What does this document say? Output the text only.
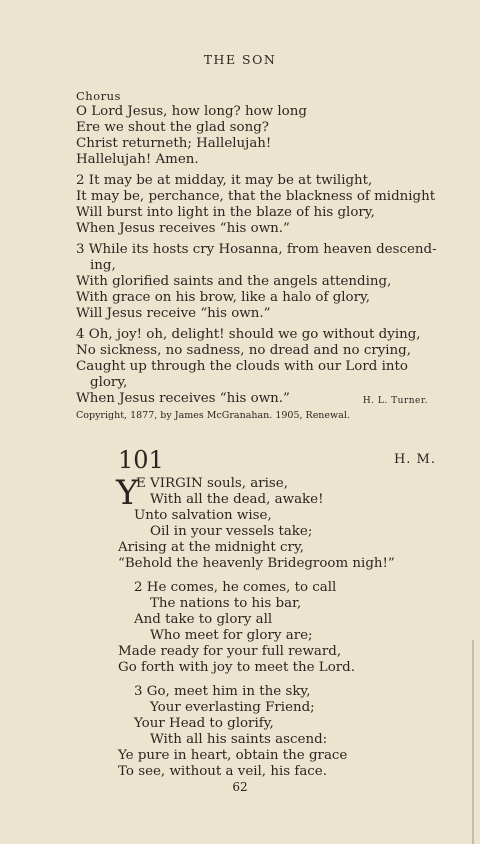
THE SON
Chorus
O Lord Jesus, how long? how long
Ere we shout the glad song?
Christ returneth; Hallelujah!
Hallelujah! Amen.
2 It may be at midday, it may be at twilight,
It may be, perchance, that the blackness of midnight
Will burst into light in the blaze of his glory,
When Jesus receives “his own.”
3 While its hosts cry Hosanna, from heaven descend-
ing,
With glorified saints and the angels attending,
With grace on his brow, like a halo of glory,
Will Jesus receive “his own.”
4 Oh, joy! oh, delight! should we go without dying,
No sickness, no sadness, no dread and no crying,
Caught up through the clouds with our Lord into
glory,
When Jesus receives “his own.”	H. L. Turner.
Copyright, 1877, by James McGranahan. 1905, Renewal.
101	H. M.
Y
E VIRGIN souls, arise,
With all the dead, awake!
Unto salvation wise,
Oil in your vessels take;
Arising at the midnight cry,
“Behold the heavenly Bridegroom nigh!”
2 He comes, he comes, to call
The nations to his bar,
And take to glory all
Who meet for glory are;
Made ready for your full reward,
Go forth with joy to meet the Lord.
3 Go, meet him in the sky,
Your everlasting Friend;
Your Head to glorify,
With all his saints ascend:
Ye pure in heart, obtain the grace
To see, without a veil, his face.
62
